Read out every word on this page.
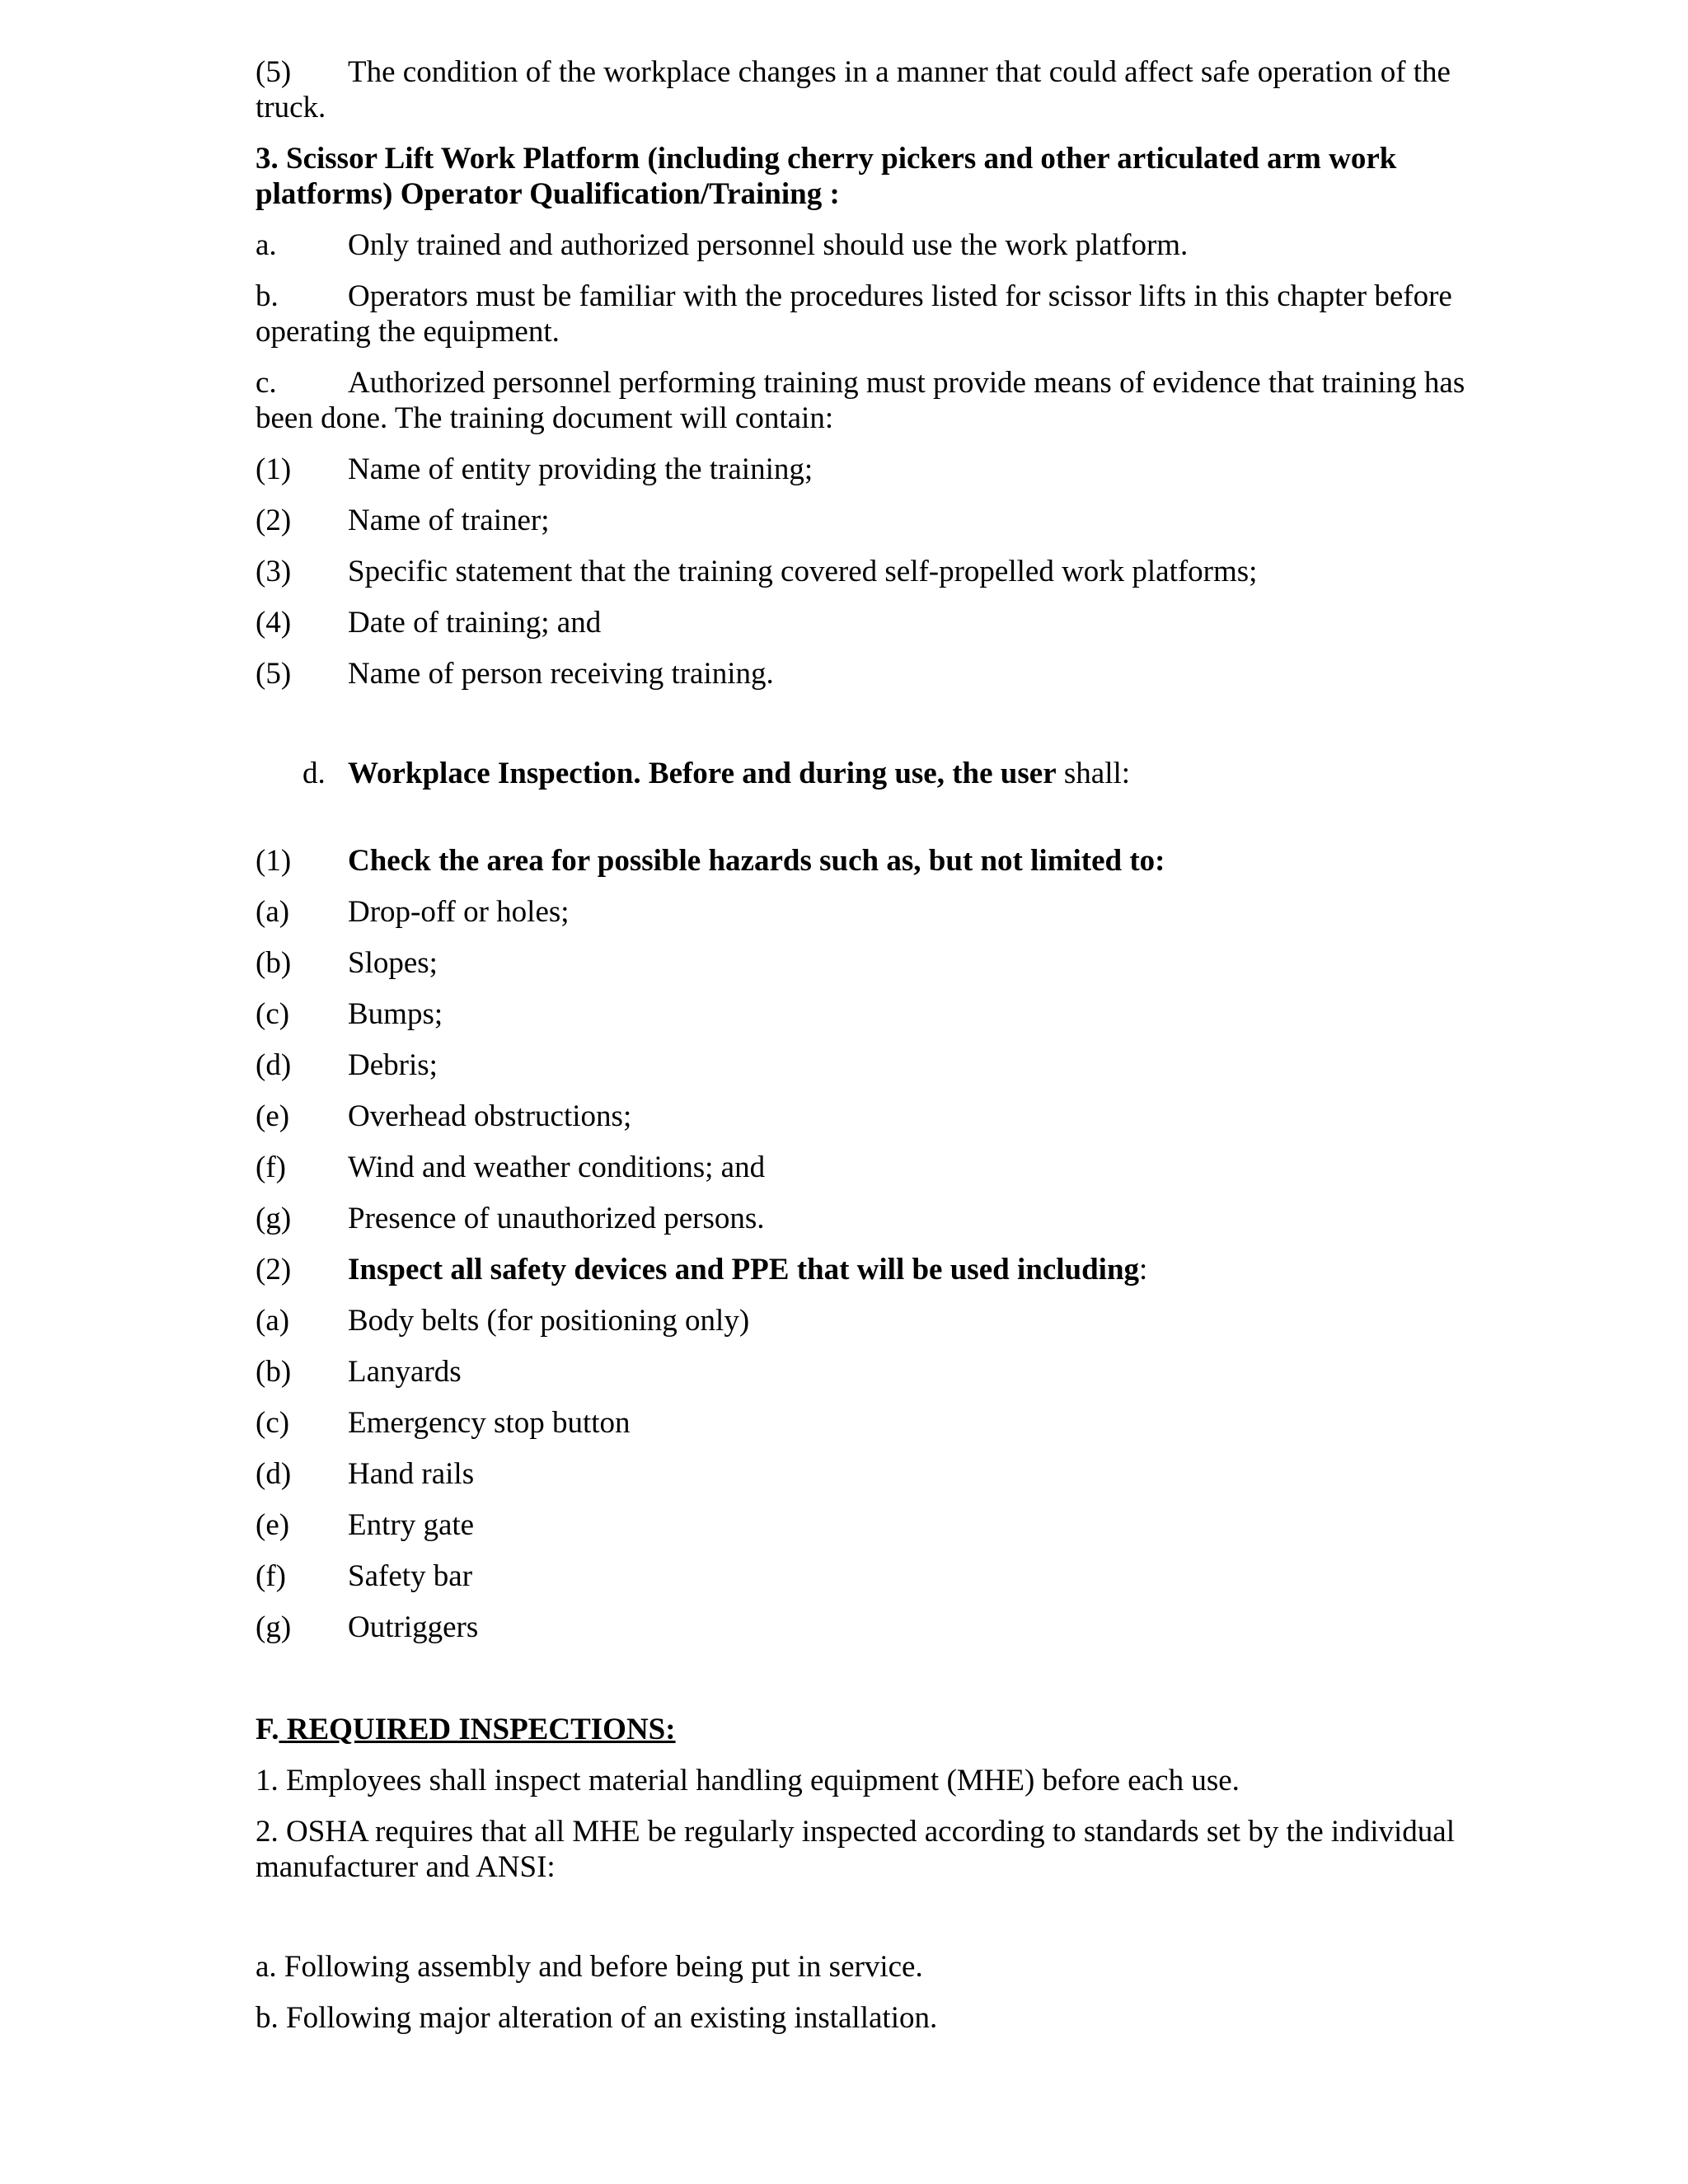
(5) The condition of the workplace changes in a manner that could affect safe operation of the truck.
3. Scissor Lift Work Platform (including cherry pickers and other articulated arm work platforms) Operator Qualification/Training :
a. Only trained and authorized personnel should use the work platform.
b. Operators must be familiar with the procedures listed for scissor lifts in this chapter before operating the equipment.
c. Authorized personnel performing training must provide means of evidence that training has been done. The training document will contain:
(1) Name of entity providing the training;
(2) Name of trainer;
(3) Specific statement that the training covered self-propelled work platforms;
(4) Date of training; and
(5) Name of person receiving training.
d. Workplace Inspection. Before and during use, the user shall:
(1) Check the area for possible hazards such as, but not limited to:
(a) Drop-off or holes;
(b) Slopes;
(c) Bumps;
(d) Debris;
(e) Overhead obstructions;
(f) Wind and weather conditions; and
(g) Presence of unauthorized persons.
(2) Inspect all safety devices and PPE that will be used including:
(a) Body belts (for positioning only)
(b) Lanyards
(c) Emergency stop button
(d) Hand rails
(e) Entry gate
(f) Safety bar
(g) Outriggers
F. REQUIRED INSPECTIONS:
1. Employees shall inspect material handling equipment (MHE) before each use.
2. OSHA requires that all MHE be regularly inspected according to standards set by the individual manufacturer and ANSI:
a. Following assembly and before being put in service.
b. Following major alteration of an existing installation.
